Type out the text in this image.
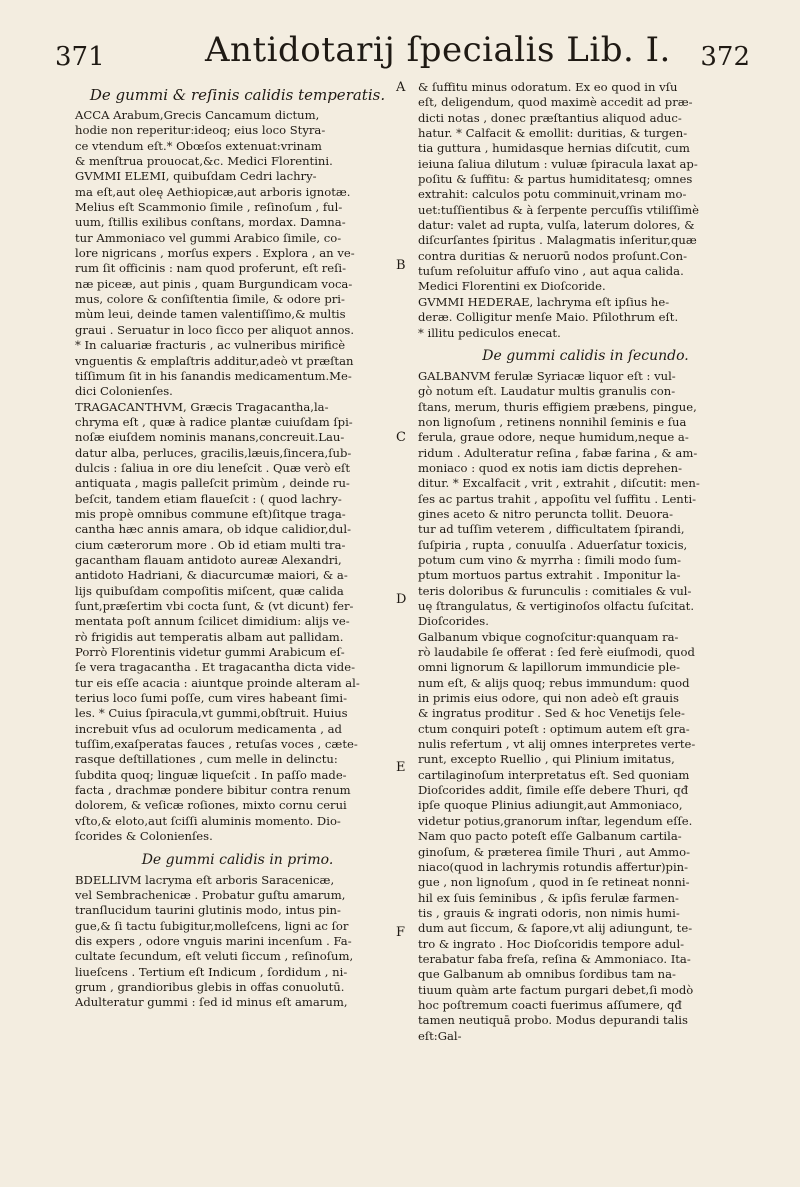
371	Antidotarij ſpecialis Lib. I. 372
A
B
C
D
E
F
De gummi & reſinis calidis temperatis.
ACCA Arabum,Grecis Cancamum dictum,
hodie non reperitur:ideoq; eius loco Styra-
ce vtendum eſt.* Obœſos extenuat:vrinam
& menſtrua prouocat,&c. Medici Florentini.
GVMMI ELEMI, quibuſdam Cedri lachry-
ma eſt,aut oleę Aethiopicæ,aut arboris ignotæ.
Melius eſt Scammonio ſimile , reſinoſum , ful-
uum, ſtillis exilibus conſtans, mordax. Damna-
tur Ammoniaco vel gummi Arabico ſimile, co-
lore nigricans , morſus expers . Explora , an ve-
rum ſit officinis : nam quod proferunt, eſt reſi-
næ piceæ, aut pinis , quam Burgundicam voca-
mus, colore & conſiſtentia ſimile, & odore pri-
mùm leui, deinde tamen valentiſſimo,& multis
graui . Seruatur in loco ſicco per aliquot annos.
* In caluariæ fracturis , ac vulneribus mirificè
vnguentis & emplaſtris additur,adeò vt præſtan
tiſſimum ſit in his ſanandis medicamentum.Me-
dici Colonienſes.
TRAGACANTHVM, Græcis Tragacantha,la-
chryma eſt , quæ à radice plantæ cuiuſdam ſpi-
noſæ eiuſdem nominis manans,concreuit.Lau-
datur alba, perluces, gracilis,læuis,ſincera,ſub-
dulcis : ſaliua in ore diu leneſcit . Quæ verò eſt
antiquata , magis palleſcit primùm , deinde ru-
beſcit, tandem etiam flaueſcit : ( quod lachry-
mis propè omnibus commune eſt)ſitque traga-
cantha hæc annis amara, ob idque calidior,dul-
cium cæterorum more . Ob id etiam multi tra-
gacantham flauam antidoto aureæ Alexandri,
antidoto Hadriani, & diacurcumæ maiori, & a-
lijs quibuſdam compoſitis miſcent, quæ calida
ſunt,præſertim vbi cocta ſunt, & (vt dicunt) fer-
mentata poſt annum ſcilicet dimidium: alijs ve-
rò frigidis aut temperatis albam aut pallidam.
Porrò Florentinis videtur gummi Arabicum eſ-
ſe vera tragacantha . Et tragacantha dicta vide-
tur eis eſſe acacia : aiuntque proinde alteram al-
terius loco ſumi poſſe, cum vires habeant ſimi-
les. * Cuius ſpiracula,vt gummi,obſtruit. Huius
increbuit vſus ad oculorum medicamenta , ad
tuſſim,exaſperatas fauces , retuſas voces , cæte-
rasque deſtillationes , cum melle in delinctu:
ſubdita quoq; linguæ liqueſcit . In paſſo made-
facta , drachmæ pondere bibitur contra renum
dolorem, & veſicæ roſiones, mixto cornu cerui
vſto,& eloto,aut ſciſſi aluminis momento. Dio-
ſcorides & Colonienſes.
De gummi calidis in primo.
BDELLIVM lacryma eſt arboris Saracenicæ,
vel Sembrachenicæ . Probatur guſtu amarum,
tranſlucidum taurini glutinis modo, intus pin-
gue,& ſi tactu ſubigitur,molleſcens, ligni ac ſor
dis expers , odore vnguis marini incenſum . Fa-
cultate ſecundum, eſt veluti ſiccum , reſinoſum,
liueſcens . Tertium eſt Indicum , ſordidum , ni-
grum , grandioribus glebis in offas conuolutū.
Adulteratur gummi : ſed id minus eſt amarum,
& ſuffitu minus odoratum. Ex eo quod in vſu
eſt, deligendum, quod maximè accedit ad præ-
dicti notas , donec præſtantius aliquod aduc-
hatur. * Calfacit & emollit: duritias, & turgen-
tia guttura , humidasque hernias diſcutit, cum
ieiuna ſaliua dilutum : vuluæ ſpiracula laxat ap-
poſitu & ſuffitu: & partus humiditatesq; omnes
extrahit: calculos potu comminuit,vrinam mo-
uet:tuſſientibus & à ſerpente percuſſis vtiliſſimè
datur: valet ad rupta, vulſa, laterum dolores, &
diſcurſantes ſpiritus . Malagmatis inſeritur,quæ
contra duritias & neruorū nodos proſunt.Con-
tuſum reſoluitur affuſo vino , aut aqua calida.
Medici Florentini ex Dioſcoride.
GVMMI HEDERAE, lachryma eſt ipſius he-
deræ. Colligitur menſe Maio. Pſilothrum eſt.
* illitu pediculos enecat.
De gummi calidis in ſecundo.
GALBANVM ferulæ Syriacæ liquor eſt : vul-
gò notum eſt. Laudatur multis granulis con-
ſtans, merum, thuris effigiem præbens, pingue,
non lignoſum , retinens nonnihil ſeminis e ſua
ferula, graue odore, neque humidum,neque a-
ridum . Adulteratur reſina , fabæ farina , & am-
moniaco : quod ex notis iam dictis deprehen-
ditur. * Excalfacit , vrit , extrahit , diſcutit: men-
ſes ac partus trahit , appoſitu vel ſuffitu . Lenti-
gines aceto & nitro peruncta tollit. Deuora-
tur ad tuſſim veterem , difficultatem ſpirandi,
ſuſpiria , rupta , conuulſa . Aduerſatur toxicis,
potum cum vino & myrrha : ſimili modo ſum-
ptum mortuos partus extrahit . Imponitur la-
teris doloribus & furunculis : comitiales & vul-
uę ſtrangulatus, & vertiginoſos olfactu ſuſcitat.
Dioſcorides.
Galbanum vbique cognoſcitur:quanquam ra-
rò laudabile ſe offerat : ſed ferè eiuſmodi, quod
omni lignorum & lapillorum immundicie ple-
num eſt, & alijs quoq; rebus immundum: quod
in primis eius odore, qui non adeò eſt grauis
& ingratus proditur . Sed & hoc Venetijs ſele-
ctum conquiri poteſt : optimum autem eſt gra-
nulis refertum , vt alij omnes interpretes verte-
runt, excepto Ruellio , qui Plinium imitatus,
cartilaginoſum interpretatus eſt. Sed quoniam
Dioſcorides addit, ſimile eſſe debere Thuri, qđ
ipſe quoque Plinius adiungit,aut Ammoniaco,
videtur potius,granorum inſtar, legendum eſſe.
Nam quo pacto poteſt eſſe Galbanum cartila-
ginoſum, & præterea ſimile Thuri , aut Ammo-
niaco(quod in lachrymis rotundis affertur)pin-
gue , non lignoſum , quod in ſe retineat nonni-
hil ex ſuis ſeminibus , & ipſis ferulæ farmen-
tis , grauis & ingrati odoris, non nimis humi-
dum aut ſiccum, & ſapore,vt alij adiungunt, te-
tro & ingrato . Hoc Dioſcoridis tempore adul-
terabatur faba freſa, reſina & Ammoniaco. Ita-
que Galbanum ab omnibus ſordibus tam na-
tiuum quàm arte factum purgari debet,ſi modò
hoc poſtremum coacti fuerimus aſſumere, qđ
tamen neutiquā probo. Modus depurandi talis
eſt:Gal-
